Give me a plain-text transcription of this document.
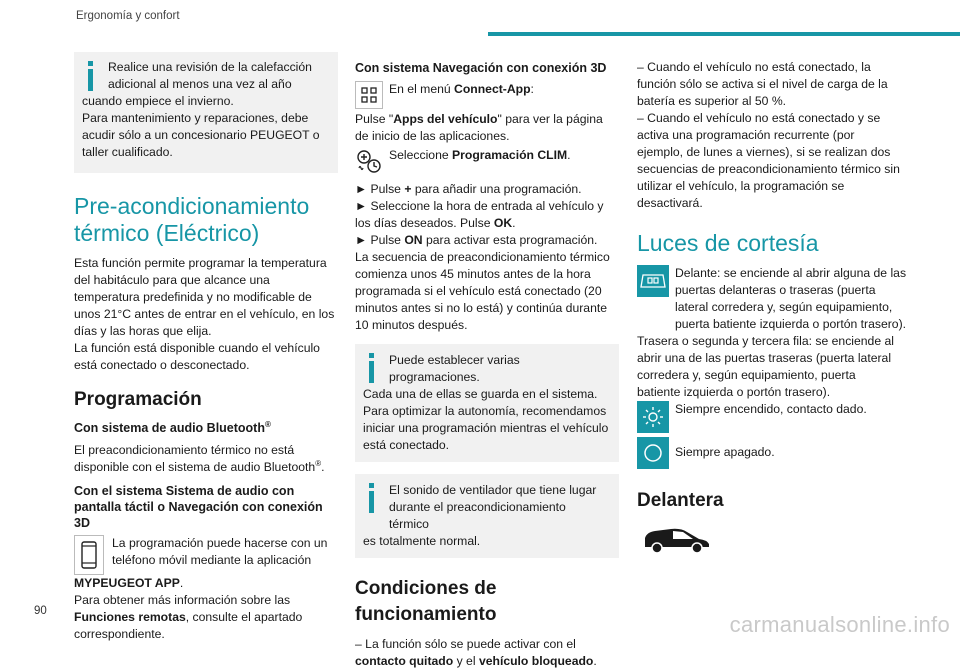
Ergonomía y confort

Realice una revisión de la calefacción

adicional al menos una vez al año

cuando empiece el invierno.

Para mantenimiento y reparaciones, debe acudir sólo a un concesionario PEUGEOT o taller cualificado.

Pre-acondicionamiento térmico (Eléctrico)

Esta función permite programar la temperatura del habitáculo para que alcance una temperatura predefinida y no modificable de unos 21°C antes de entrar en el vehículo, en los días y las horas que elija.

La función está disponible cuando el vehículo está conectado o desconectado.

Programación

Con sistema de audio Bluetooth®

El preacondicionamiento térmico no está disponible con el sistema de audio Bluetooth®.

Con el sistema Sistema de audio con pantalla táctil o Navegación con conexión 3D

La programación puede hacerse con un teléfono móvil mediante la aplicación

MYPEUGEOT APP.

Para obtener más información sobre las Funciones remotas, consulte el apartado correspondiente.

Con sistema Navegación con conexión 3D

En el menú Connect-App:

Pulse "Apps del vehículo" para ver la página de inicio de las aplicaciones.

Seleccione Programación CLIM.

► Pulse + para añadir una programación.

► Seleccione la hora de entrada al vehículo y los días deseados. Pulse OK.

► Pulse ON para activar esta programación.

La secuencia de preacondicionamiento térmico comienza unos 45 minutos antes de la hora programada si el vehículo está conectado (20 minutos antes si no lo está) y continúa durante 10 minutos después.

Puede establecer varias

programaciones.

Cada una de ellas se guarda en el sistema. Para optimizar la autonomía, recomendamos iniciar una programación mientras el vehículo está conectado.

El sonido de ventilador que tiene lugar

durante el preacondicionamiento térmico

es totalmente normal.

Condiciones de funcionamiento

– La función sólo se puede activar con el contacto quitado y el vehículo bloqueado.

– Cuando el vehículo no está conectado, la función sólo se activa si el nivel de carga de la batería es superior al 50 %.

– Cuando el vehículo no está conectado y se activa una programación recurrente (por ejemplo, de lunes a viernes), si se realizan dos secuencias de preacondicionamiento térmico sin utilizar el vehículo, la programación se desactivará.

Luces de cortesía

Delante: se enciende al abrir alguna de las puertas delanteras o traseras (puerta lateral corredera y, según equipamiento, puerta batiente izquierda o portón trasero).

Trasera o segunda y tercera fila: se enciende al abrir una de las puertas traseras (puerta lateral corredera y, según equipamiento, puerta batiente izquierda o portón trasero).

Siempre encendido, contacto dado.

Siempre apagado.

Delantera
90
carmanualsonline.info
